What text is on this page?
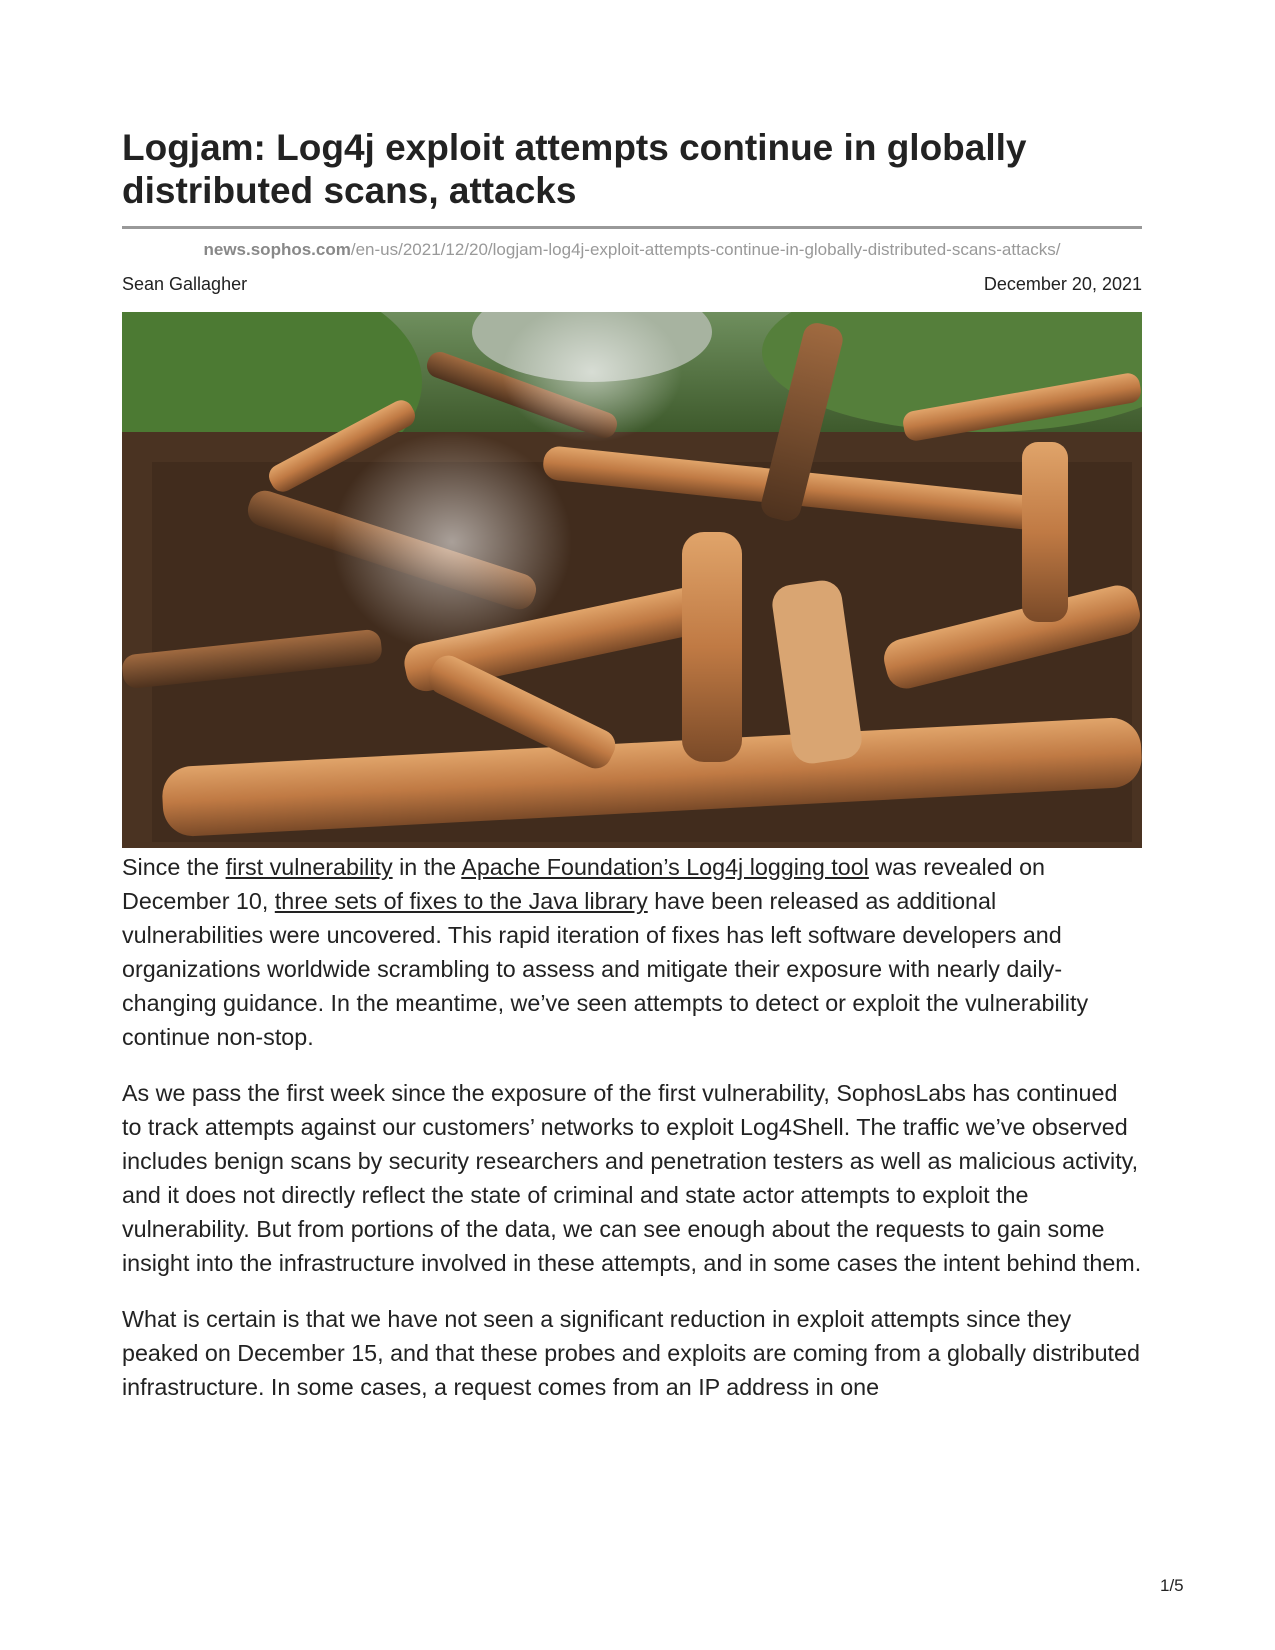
Logjam: Log4j exploit attempts continue in globally distributed scans, attacks
news.sophos.com/en-us/2021/12/20/logjam-log4j-exploit-attempts-continue-in-globally-distributed-scans-attacks/
Sean Gallagher	December 20, 2021

Since the first vulnerability in the Apache Foundation’s Log4j logging tool was revealed on December 10, three sets of fixes to the Java library have been released as additional vulnerabilities were uncovered. This rapid iteration of fixes has left software developers and organizations worldwide scrambling to assess and mitigate their exposure with nearly daily-changing guidance. In the meantime, we’ve seen attempts to detect or exploit the vulnerability continue non-stop.

As we pass the first week since the exposure of the first vulnerability, SophosLabs has continued to track attempts against our customers’ networks to exploit Log4Shell. The traffic we’ve observed includes benign scans by security researchers and penetration testers as well as malicious activity, and it does not directly reflect the state of criminal and state actor attempts to exploit the vulnerability. But from portions of the data, we can see enough about the requests to gain some insight into the infrastructure involved in these attempts, and in some cases the intent behind them.

What is certain is that we have not seen a significant reduction in exploit attempts since they peaked on December 15, and that these probes and exploits are coming from a globally distributed infrastructure. In some cases, a request comes from an IP address in one

1/5
